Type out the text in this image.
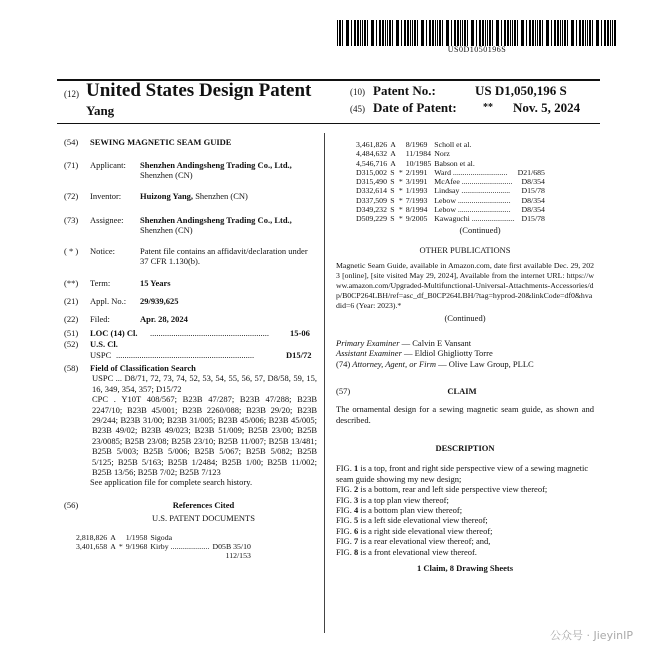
US0D1050196S
(12) United States Design Patent
Yang
(10) Patent No.:	US D1,050,196 S
(45) Date of Patent:	** Nov. 5, 2024
(54)	SEWING MAGNETIC SEAM GUIDE
(71)	Applicant:	Shenzhen Andingsheng Trading Co., Ltd., Shenzhen (CN)
(72)	Inventor:	Huizong Yang, Shenzhen (CN)
(73)	Assignee:	Shenzhen Andingsheng Trading Co., Ltd., Shenzhen (CN)
( * )	Notice:	Patent file contains an affidavit/declaration under 37 CFR 1.130(b).
(**)	Term:	15 Years
(21)	Appl. No.:	29/939,625
(22)	Filed:	Apr. 28, 2024
(51)	LOC (14) Cl.	........................................................	15-06
(52)	U.S. Cl.
USPC .................................................................	D15/72
(58)	Field of Classification Search
USPC ... D8/71, 72, 73, 74, 52, 53, 54, 55, 56, 57, D8/58, 59, 15, 16, 349, 354, 357; D15/72
CPC . Y10T 408/567; B23B 47/287; B23B 47/288; B23B 2247/10; B23B 45/001; B23B 2260/088; B23B 29/20; B23B 29/244; B23B 31/00; B23B 31/005; B23B 45/006; B23B 45/005; B23B 49/02; B23B 49/023; B23B 51/009; B25B 23/00; B25B 23/0085; B25B 23/08; B25B 23/10; B25B 11/007; B25B 13/481; B25B 5/003; B25B 5/006; B25B 5/067; B25B 5/082; B25B 5/125; B25B 5/163; B25B 1/2484; B25B 1/00; B25B 11/002; B25B 13/56; B25B 7/02; B25B 7/123
See application file for complete search history.
(56)	References Cited
U.S. PATENT DOCUMENTS
2,818,826	A		1/1958	Sigoda	
3,401,658	A	*	9/1968	Kirby ....................	D05B 35/10
					112/153
3,461,826	A		8/1969	Scholl et al.	
4,484,632	A		11/1984	Norz	
4,546,716	A		10/1985	Babson et al.	
D315,002	S	*	2/1991	Ward ............................	D21/685
D315,490	S	*	3/1991	McAfee ..........................	D8/354
D332,614	S	*	1/1993	Lindsay .........................	D15/78
D337,509	S	*	7/1993	Lebow ...........................	D8/354
D349,232	S	*	8/1994	Lebow ...........................	D8/354
D509,229	S	*	9/2005	Kawaguchi ......................	D15/78
(Continued)
OTHER PUBLICATIONS
Magnetic Seam Guide, available in Amazon.com, date first available Dec. 29, 2023 [online], [site visited May 29, 2024], Available from the internet URL: https://www.amazon.com/Upgraded-Multifunctional-Universal-Attachments-Accessories/dp/B0CP264LBH/ref=asc_df_B0CP264LBH/?tag=hyprod-20&linkCode=df0&hvadid=6 (Year: 2023).*
(Continued)
Primary Examiner — Calvin E Vansant
Assistant Examiner — Eldiol Ghigliotty Torre
(74) Attorney, Agent, or Firm — Olive Law Group, PLLC
(57)	CLAIM
The ornamental design for a sewing magnetic seam guide, as shown and described.
DESCRIPTION
FIG. 1 is a top, front and right side perspective view of a sewing magnetic seam guide showing my new design;
FIG. 2 is a bottom, rear and left side perspective view thereof;
FIG. 3 is a top plan view thereof;
FIG. 4 is a bottom plan view thereof;
FIG. 5 is a left side elevational view thereof;
FIG. 6 is a right side elevational view thereof;
FIG. 7 is a rear elevational view thereof; and,
FIG. 8 is a front elevational view thereof.
1 Claim, 8 Drawing Sheets
公众号 · JieyinIP
